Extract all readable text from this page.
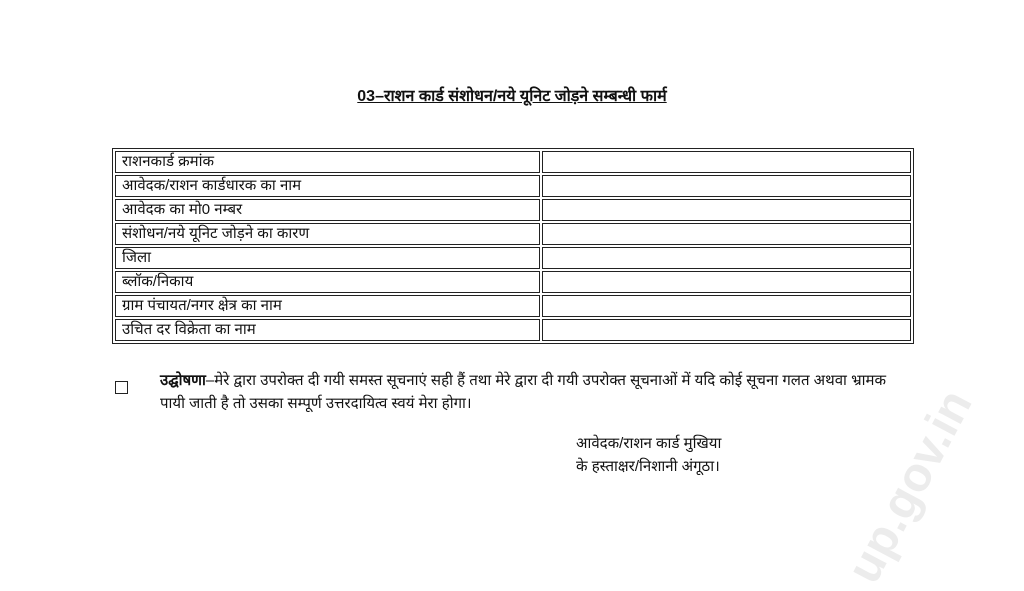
up.gov.in
03–राशन कार्ड संशोधन/नये यूनिट जोड़ने सम्बन्धी फार्म
राशनकार्ड क्रमांक	
आवेदक/राशन कार्डधारक का नाम	
आवेदक का मो0 नम्बर	
संशोधन/नये यूनिट जोड़ने का कारण	
जिला	
ब्लॉक/निकाय	
ग्राम पंचायत/नगर क्षेत्र का नाम	
उचित दर विक्रेता का नाम	
उद्घोषणा–मेरे द्वारा उपरोक्त दी गयी समस्त सूचनाएं सही हैं तथा मेरे द्वारा दी गयी उपरोक्त सूचनाओं में यदि कोई सूचना गलत अथवा भ्रामक पायी जाती है तो उसका सम्पूर्ण उत्तरदायित्व स्वयं मेरा होगा।
आवेदक/राशन कार्ड मुखिया
के हस्ताक्षर/निशानी अंगूठा।
